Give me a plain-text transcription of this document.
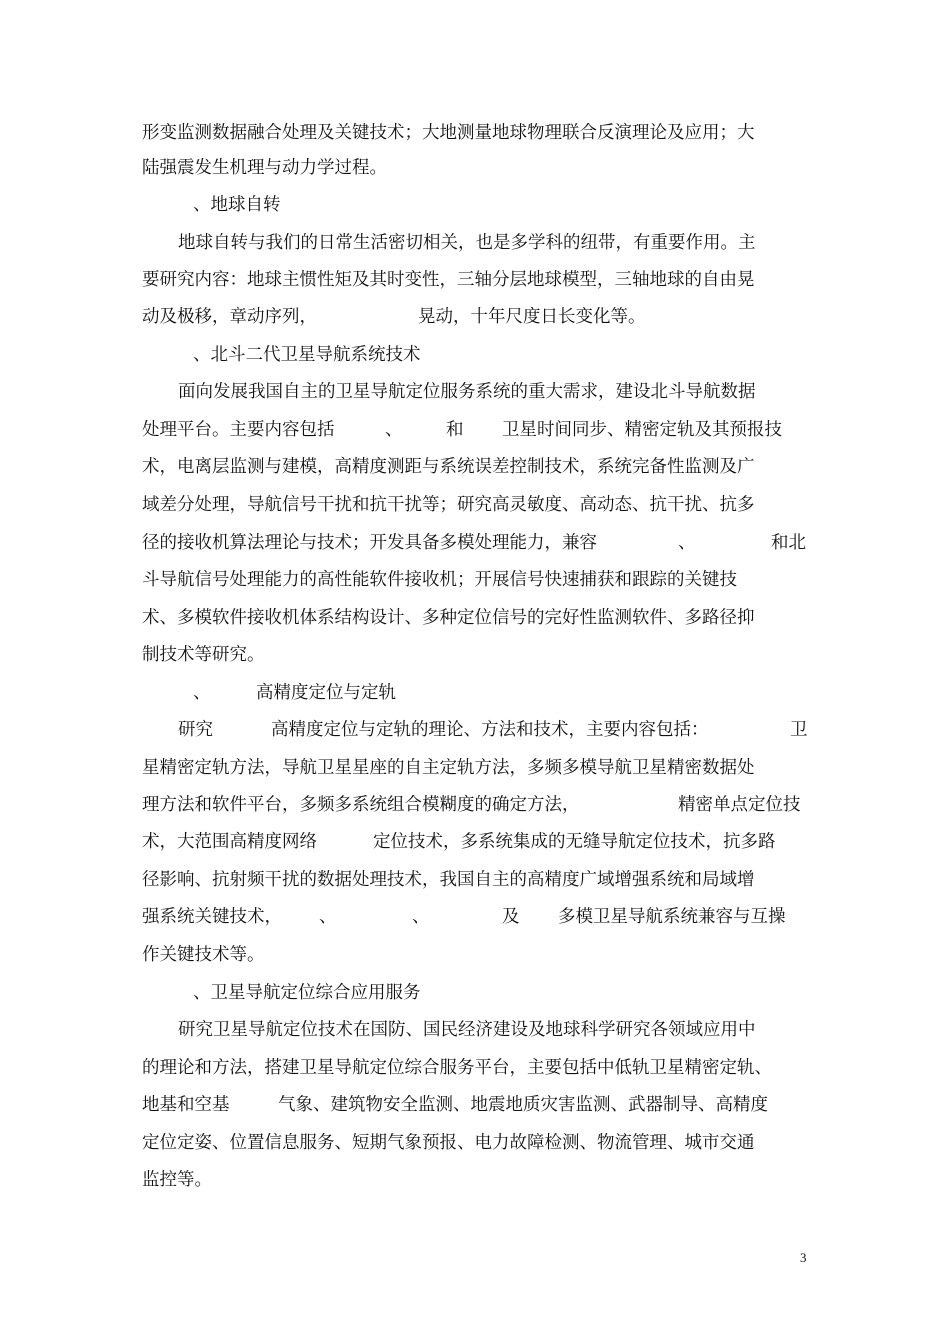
形变监测数据融合处理及关键技术；大地测量地球物理联合反演理论及应用；大
陆强震发生机理与动力学过程。
、地球自转
地球自转与我们的日常生活密切相关，也是多学科的纽带，有重要作用。主
要研究内容：地球主惯性矩及其时变性，三轴分层地球模型，三轴地球的自由晃
动及极移，章动序列，	晃动，十年尺度日长变化等。
、北斗二代卫星导航系统技术
面向发展我国自主的卫星导航定位服务系统的重大需求，建设北斗导航数据
处理平台。主要内容包括	、 和 卫星时间同步、精密定轨及其预报技
术，电离层监测与建模，高精度测距与系统误差控制技术，系统完备性监测及广
域差分处理，导航信号干扰和抗干扰等；研究高灵敏度、高动态、抗干扰、抗多
径的接收机算法理论与技术；开发具备多模处理能力，兼容	、	和北
斗导航信号处理能力的高性能软件接收机；开展信号快速捕获和跟踪的关键技
术、多模软件接收机体系结构设计、多种定位信号的完好性监测软件、多路径抑
制技术等研究。
、	高精度定位与定轨
研究	高精度定位与定轨的理论、方法和技术，主要内容包括：	卫
星精密定轨方法，导航卫星星座的自主定轨方法，多频多模导航卫星精密数据处
理方法和软件平台，多频多系统组合模糊度的确定方法，	精密单点定位技
术，大范围高精度网络	定位技术，多系统集成的无缝导航定位技术，抗多路
径影响、抗射频干扰的数据处理技术，我国自主的高精度广域增强系统和局域增
强系统关键技术， 、	、	及 多模卫星导航系统兼容与互操
作关键技术等。
、卫星导航定位综合应用服务
研究卫星导航定位技术在国防、国民经济建设及地球科学研究各领域应用中
的理论和方法，搭建卫星导航定位综合服务平台，主要包括中低轨卫星精密定轨、
地基和空基	气象、建筑物安全监测、地震地质灾害监测、武器制导、高精度
定位定姿、位置信息服务、短期气象预报、电力故障检测、物流管理、城市交通
监控等。
3
